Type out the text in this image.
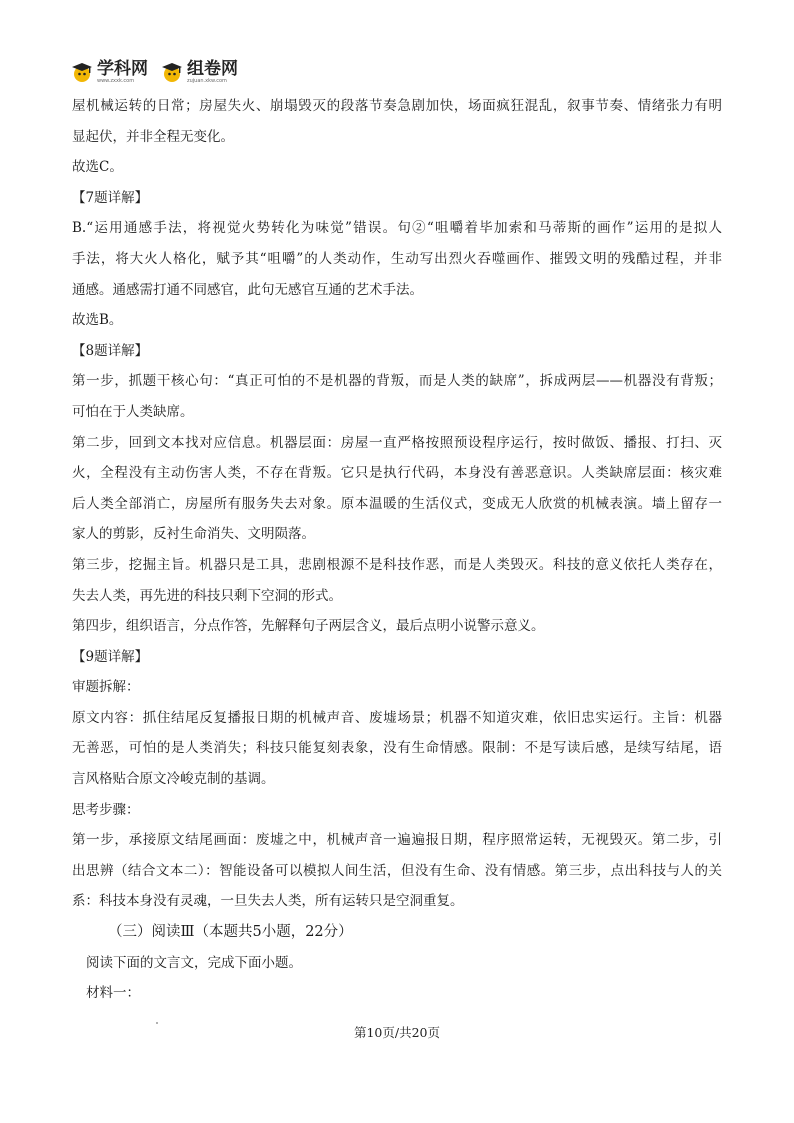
学科网
www.zxxk.com
组卷网
zujuan.xkw.com
屋机械运转的日常；房屋失火、崩塌毁灭的段落节奏急剧加快，场面疯狂混乱，叙事节奏、情绪张力有明
显起伏，并非全程无变化。
故选C。
【7题详解】
B.“运用通感手法，将视觉火势转化为味觉”错误。句②“咀嚼着毕加索和马蒂斯的画作”运用的是拟人
手法，将大火人格化，赋予其“咀嚼”的人类动作，生动写出烈火吞噬画作、摧毁文明的残酷过程，并非
通感。通感需打通不同感官，此句无感官互通的艺术手法。
故选B。
【8题详解】
第一步，抓题干核心句：“真正可怕的不是机器的背叛，而是人类的缺席”，拆成两层——机器没有背叛；
可怕在于人类缺席。
第二步，回到文本找对应信息。机器层面：房屋一直严格按照预设程序运行，按时做饭、播报、打扫、灭
火，全程没有主动伤害人类，不存在背叛。它只是执行代码，本身没有善恶意识。人类缺席层面：核灾难
后人类全部消亡，房屋所有服务失去对象。原本温暖的生活仪式，变成无人欣赏的机械表演。墙上留存一
家人的剪影，反衬生命消失、文明陨落。
第三步，挖掘主旨。机器只是工具，悲剧根源不是科技作恶，而是人类毁灭。科技的意义依托人类存在，
失去人类，再先进的科技只剩下空洞的形式。
第四步，组织语言，分点作答，先解释句子两层含义，最后点明小说警示意义。
【9题详解】
审题拆解：
原文内容：抓住结尾反复播报日期的机械声音、废墟场景；机器不知道灾难，依旧忠实运行。主旨：机器
无善恶，可怕的是人类消失；科技只能复刻表象，没有生命情感。限制：不是写读后感，是续写结尾，语
言风格贴合原文冷峻克制的基调。
思考步骤：
第一步，承接原文结尾画面：废墟之中，机械声音一遍遍报日期，程序照常运转，无视毁灭。第二步，引
出思辨（结合文本二）：智能设备可以模拟人间生活，但没有生命、没有情感。第三步，点出科技与人的关
系：科技本身没有灵魂，一旦失去人类，所有运转只是空洞重复。
（三）阅读Ⅲ（本题共5小题，22分）
阅读下面的文言文，完成下面小题。
材料一：
第10页/共20页
